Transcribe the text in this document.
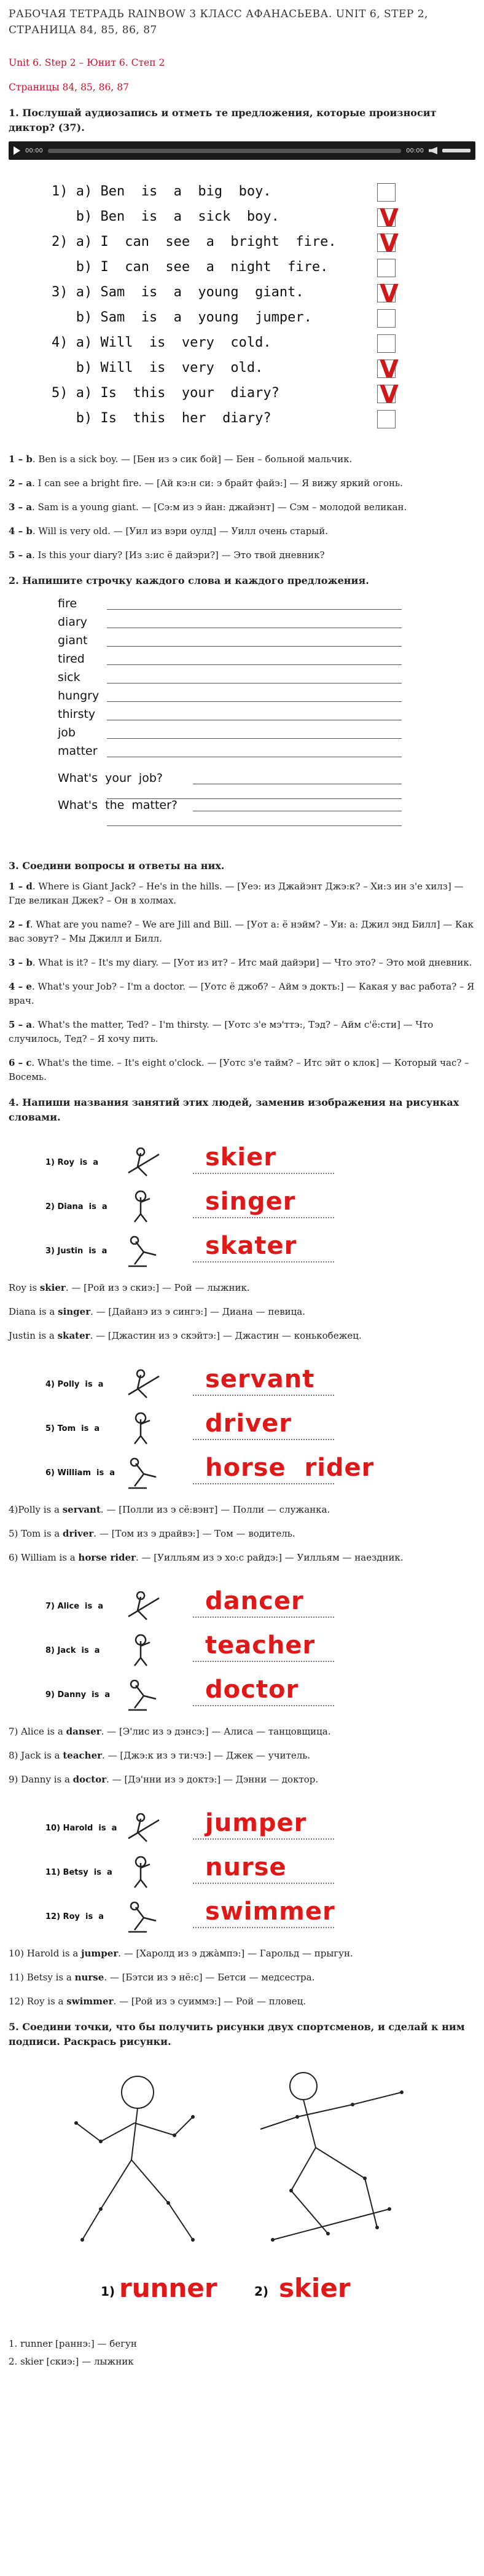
РАБОЧАЯ ТЕТРАДЬ RAINBOW 3 КЛАСС АФАНАСЬЕВА. UNIT 6, STEP 2, СТРАНИЦА 84, 85, 86, 87
Unit 6. Step 2 – Юнит 6. Степ 2
Страницы 84, 85, 86, 87
1. Послушай аудиозапись и отметь те предложения, которые произносит диктор? (37).
00:00	00:00
1) a) Ben  is  a  big  boy.
b) Ben  is  a  sick  boy.	V
2) a) I  can  see  a  bright  fire. V
b) I  can  see  a  night  fire.
3) a) Sam  is  a  young  giant.	V
b) Sam  is  a  young  jumper.
4) a) Will  is  very  cold.
b) Will  is  very  old.	V
5) a) Is  this  your  diary?	V
b) Is  this  her  diary?
1 – b. Ben is a sick boy. — [Бен из э сик бой] — Бен – больной мальчик.
2 – a. I can see a bright fire. — [Ай кэ:н си: э брайт файэ:] — Я вижу яркий огонь.
3 – a. Sam is a young giant. — [Сэ:м из э йан: джайэнт] — Сэм – молодой великан.
4 – b. Will is very old. — [Уил из вэри оулд] — Уилл очень старый.
5 – a. Is this your diary? [Из з:ис ё дайэри?] — Это твой дневник?
2. Напишите строчку каждого слова и каждого предложения.
fire
diary
giant
tired
sick
hungry
thirsty
job
matter
What's  your  job?
What's  the  matter?
3. Соедини вопросы и ответы на них.
1 – d. Where is Giant Jack? – He's in the hills. — [Уеэ: из Джайэнт Джэ:к? – Хи:з ин з'е хилз] — Где великан Джек? – Он в холмах.
2 – f. What are you name? – We are Jill and Bill. — [Уот а: ё нэйм? – Уи: а: Джил энд Билл] — Как вас зовут? – Мы Джилл и Билл.
3 – b. What is it? – It's my diary. — [Уот из ит? – Итс май дайэри] — Что это? – Это мой дневник.
4 – e. What's your Job? – I'm a doctor. — [Уотс ё джоб? – Айм э докть:] — Какая у вас работа? – Я врач.
5 – a. What's the matter, Ted? – I'm thirsty. — [Уотс з'е мэ'ттэ:, Тэд? – Айм с'ё:сти] — Что случилось, Тед? – Я хочу пить.
6 – c. What's the time. – It's eight o'clock. — [Уотс з'е тайм? – Итс эйт о клок] — Который час? – Восемь.
4. Напиши названия занятий этих людей, заменив изображения на рисунках словами.
1) Roy  is  a	skier
2) Diana  is  a	singer
3) Justin  is  a	skater
Roy is skier. — [Рой из э скиэ:] — Рой — лыжник.
Diana is a singer. — [Дайанэ из э сингэ:] — Диана — певица.
Justin is a skater. — [Джастин из э скэйтэ:] — Джастин — конькобежец.
4) Polly  is  a	servant
5) Tom  is  a	driver
6) William  is  a	horse  rider
4)Polly is a servant. — [Полли из э сё:вэнт] — Полли — служанка.
5) Tom is a driver. — [Том из э драйвэ:] — Том — водитель.
6) William is a horse rider. — [Уилльям из э хо:с райдэ:] — Уилльям — наездник.
7) Alice  is  a	dancer
8) Jack  is  a	teacher
9) Danny  is  a	doctor
7) Alice is a danser. — [Э'лис из э дэнсэ:] — Алиса — танцовщица.
8) Jack is a teacher. — [Джэ:к из э ти:чэ:] — Джек — учитель.
9) Danny is a doctor. — [Дэ'нни из э доктэ:] — Дэнни — доктор.
10) Harold  is  a	jumper
11) Betsy  is  a	nurse
12) Roy  is  a	swimmer
10) Harold is a jumper. — [Харолд из э джа̀мпэ:] — Гарольд — прыгун.
11) Betsy is a nurse. — [Бэтси из э нё:с] — Бетси — медсестра.
12) Roy is a swimmer. — [Рой из э суиммэ:] — Рой — пловец.
5. Соедини точки, что бы получить рисунки двух спортсменов, и сделай к ним подписи. Раскрась рисунки.
1) runner	2) skier
1. runner [раннэ:] — бегун
2. skier [скиэ:] — лыжник
